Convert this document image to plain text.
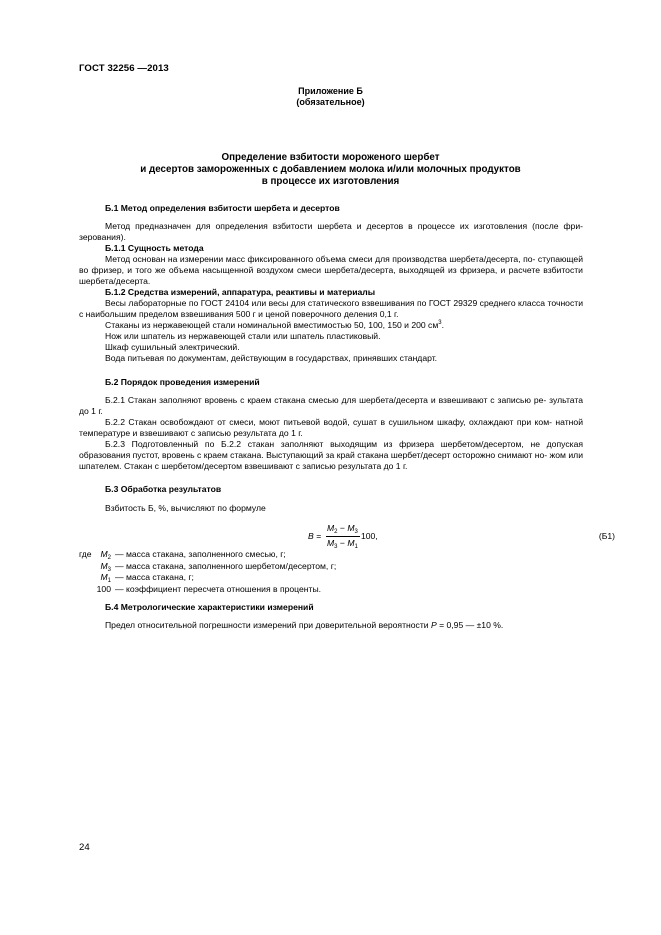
ГОСТ 32256 —2013
Приложение Б
(обязательное)
Определение взбитости мороженого шербет
и десертов замороженных с добавлением молока и/или молочных продуктов
в процессе их изготовления

Б.1 Метод определения взбитости шербета и десертов

Метод предназначен для определения взбитости шербета и десертов в процессе их изготовления (после фри- зерования).

Б.1.1 Сущность метода

Метод основан на измерении масс фиксированного объема смеси для производства шербета/десерта, по- ступающей во фризер, и того же объема насыщенной воздухом смеси шербета/десерта, выходящей из фризера, и расчете взбитости шербета/десерта.

Б.1.2 Средства измерений, аппаратура, реактивы и материалы

Весы лабораторные по ГОСТ 24104 или весы для статического взвешивания по ГОСТ 29329 среднего класса точности с наибольшим пределом взвешивания 500 г и ценой поверочного деления 0,1 г.

Стаканы из нержавеющей стали номинальной вместимостью 50, 100, 150 и 200 $см^3$.

Нож или шпатель из нержавеющей стали или шпатель пластиковый.

Шкаф сушильный электрический.

Вода питьевая по документам, действующим в государствах, принявших стандарт.

Б.2 Порядок проведения измерений

Б.2.1 Стакан заполняют вровень с краем стакана смесью для шербета/десерта и взвешивают с записью ре- зультата до 1 г.

Б.2.2 Стакан освобождают от смеси, моют питьевой водой, сушат в сушильном шкафу, охлаждают при ком- натной температуре и взвешивают с записью результата до 1 г.

Б.2.3 Подготовленный по Б.2.2 стакан заполняют выходящим из фризера шербетом/десертом, не допуская образования пустот, вровень с краем стакана. Выступающий за край стакана шербет/десерт осторожно снимают но- жом или шпателем. Стакан с шербетом/десертом взвешивают с записью результата до 1 г.

Б.3 Обработка результатов

Взбитость Б, %, вычисляют по формуле

B =
$M_2 - M_3$
$M_3 - M_1$
100,	(Б1)
где $M_2$ — масса стакана, заполненного смесью, г;
$M_3$ — масса стакана, заполненного шербетом/десертом, г;
$M_1$ — масса стакана, г;
100 — коэффициент пересчета отношения в проценты.

Б.4 Метрологические характеристики измерений

Предел относительной погрешности измерений при доверительной вероятности P = 0,95 — ±10 %.

24
